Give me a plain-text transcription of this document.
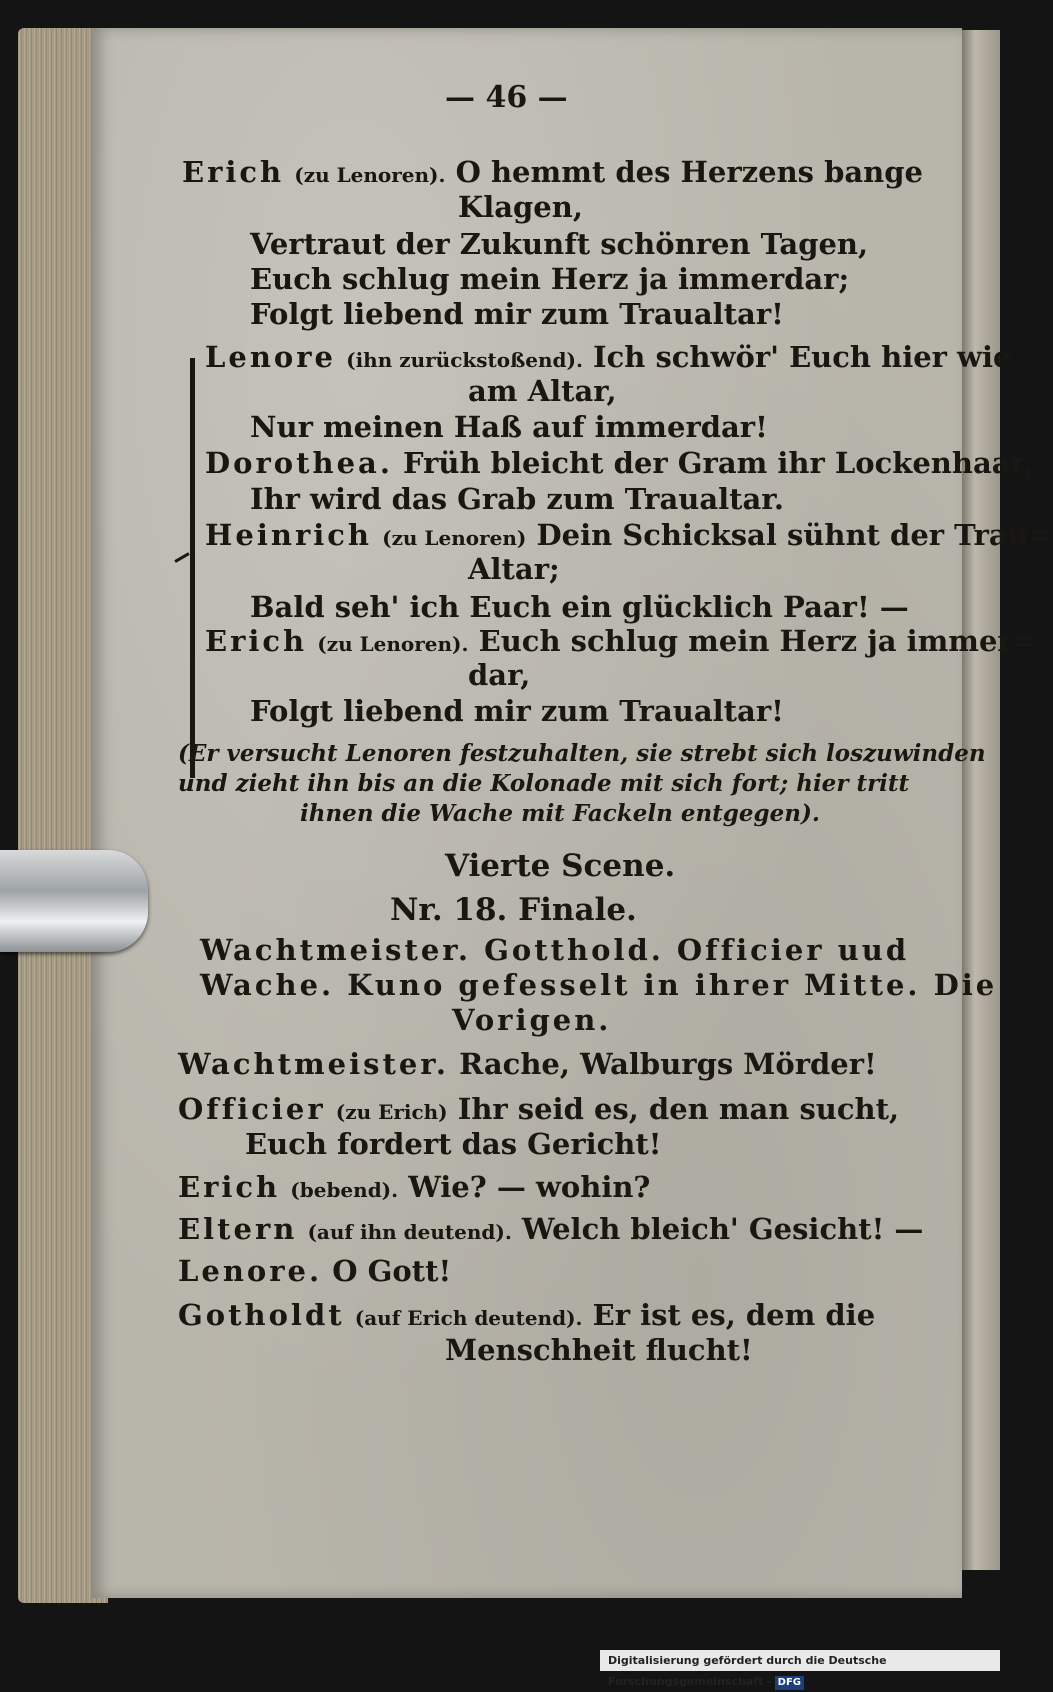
— 46 —
Erich (zu Lenoren). O hemmt des Herzens bange
Klagen,
Vertraut der Zukunft schönren Tagen,
Euch schlug mein Herz ja immerdar;
Folgt liebend mir zum Traualtar!
Lenore (ihn zurückstoßend). Ich schwör' Euch hier wie
am Altar,
Nur meinen Haß auf immerdar!
Dorothea. Früh bleicht der Gram ihr Lockenhaar,
Ihr wird das Grab zum Traualtar.
Heinrich (zu Lenoren) Dein Schicksal sühnt der Trau=
Altar;
Bald seh' ich Euch ein glücklich Paar! —
Erich (zu Lenoren). Euch schlug mein Herz ja immer=
dar,
Folgt liebend mir zum Traualtar!
(Er versucht Lenoren festzuhalten, sie strebt sich loszuwinden
und zieht ihn bis an die Kolonade mit sich fort; hier tritt
ihnen die Wache mit Fackeln entgegen).
Vierte Scene.
Nr. 18. Finale.
Wachtmeister. Gotthold. Officier uud
Wache. Kuno gefesselt in ihrer Mitte. Die
Vorigen.
Wachtmeister. Rache, Walburgs Mörder!
Officier (zu Erich) Ihr seid es, den man sucht,
Euch fordert das Gericht!
Erich (bebend). Wie? — wohin?
Eltern (auf ihn deutend). Welch bleich' Gesicht! —
Lenore. O Gott!
Gotholdt (auf Erich deutend). Er ist es, dem die
Menschheit flucht!
Digitalisierung gefördert durch die Deutsche Forschungsgemeinschaft - DFG
